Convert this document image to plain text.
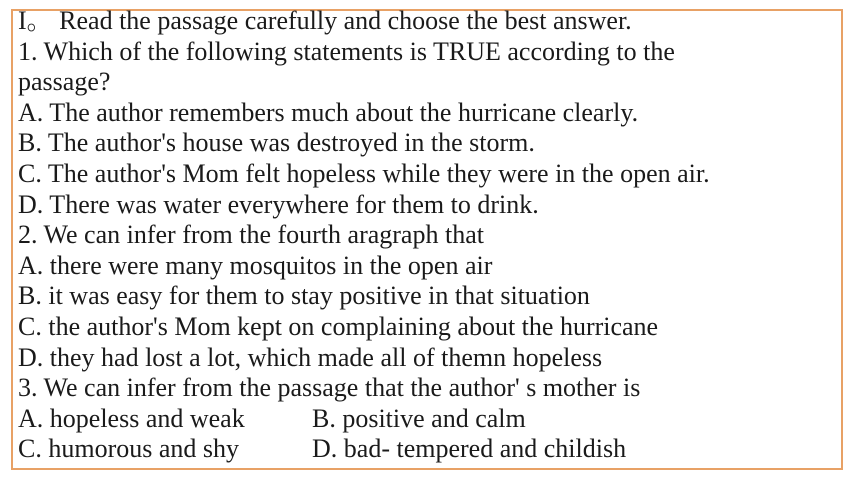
I。 Read the passage carefully and choose the best answer.
1. Which of the following statements is TRUE according to the
passage?
A. The author remembers much about the hurricane clearly.
B. The author's house was destroyed in the storm.
C. The author's Mom felt hopeless while they were in the open air.
D. There was water everywhere for them to drink.
2. We can infer from the fourth aragraph that
A. there were many mosquitos in the open air
B. it was easy for them to stay positive in that situation
C. the author's Mom kept on complaining about the hurricane
D. they had lost a lot, which made all of themn hopeless
3. We can infer from the passage that the author' s mother is
A. hopeless and weak	B. positive and calm
C. humorous and shy	D. bad- tempered and childish
